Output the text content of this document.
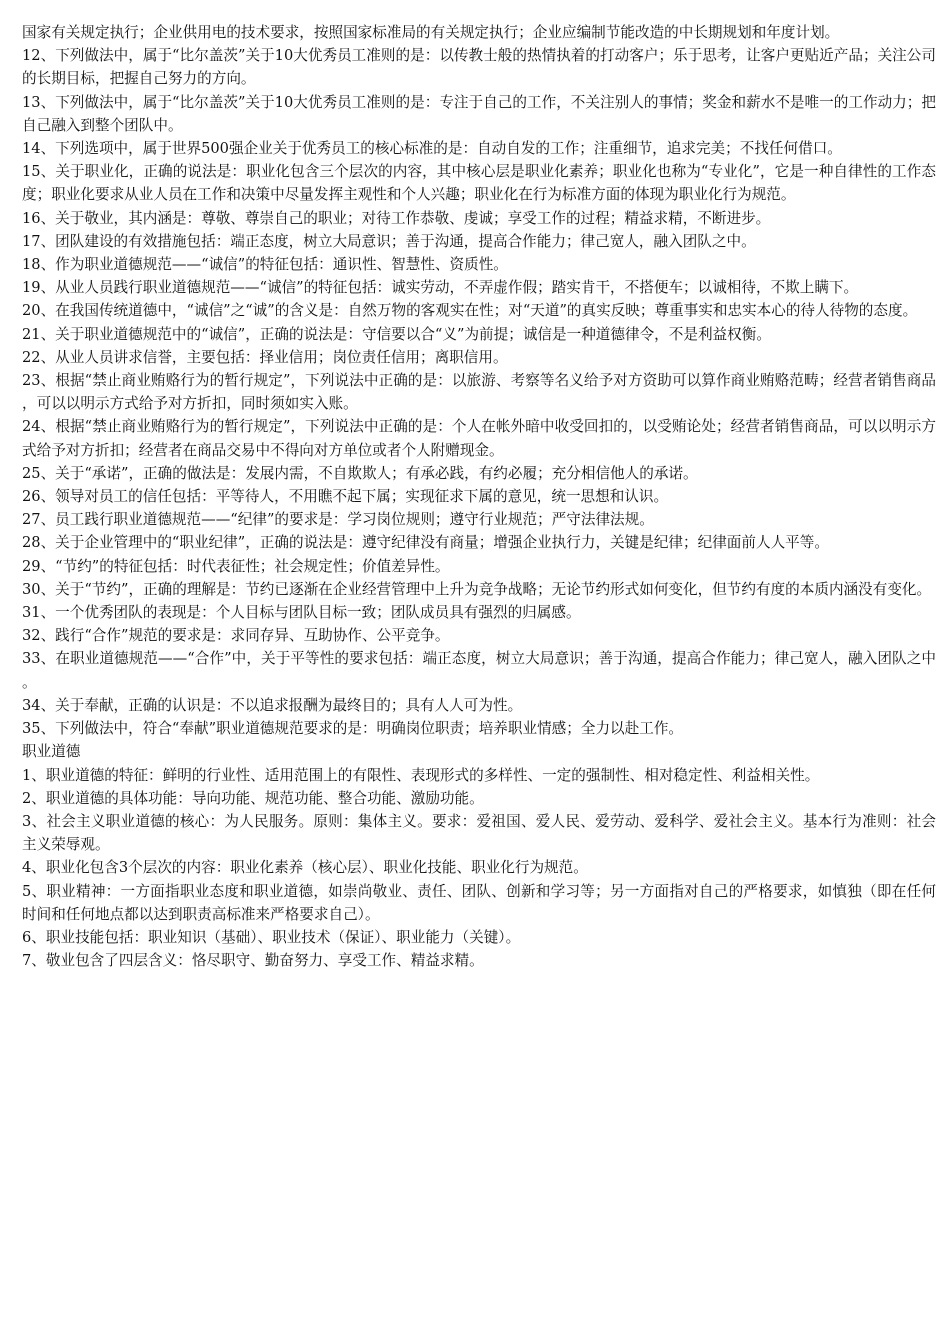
国家有关规定执行；企业供用电的技术要求，按照国家标准局的有关规定执行；企业应编制节能改造的中长期规划和年度计划。
12、下列做法中，属于“比尔盖茨”关于10大优秀员工准则的是：以传教士般的热情执着的打动客户；乐于思考，让客户更贴近产品；关注公司的长期目标，把握自己努力的方向。
13、下列做法中，属于“比尔盖茨”关于10大优秀员工准则的是：专注于自己的工作，不关注别人的事情；奖金和薪水不是唯一的工作动力；把自己融入到整个团队中。
14、下列选项中，属于世界500强企业关于优秀员工的核心标准的是：自动自发的工作；注重细节，追求完美；不找任何借口。
15、关于职业化，正确的说法是：职业化包含三个层次的内容，其中核心层是职业化素养；职业化也称为“专业化”，它是一种自律性的工作态度；职业化要求从业人员在工作和决策中尽量发挥主观性和个人兴趣；职业化在行为标准方面的体现为职业化行为规范。
16、关于敬业，其内涵是：尊敬、尊崇自己的职业；对待工作恭敬、虔诚；享受工作的过程；精益求精，不断进步。
17、团队建设的有效措施包括：端正态度，树立大局意识；善于沟通，提高合作能力；律己宽人，融入团队之中。
18、作为职业道德规范——“诚信”的特征包括：通识性、智慧性、资质性。
19、从业人员践行职业道德规范——“诚信”的特征包括：诚实劳动，不弄虚作假；踏实肯干，不搭便车；以诚相待，不欺上瞒下。
20、在我国传统道德中，“诚信”之“诚”的含义是：自然万物的客观实在性；对“天道”的真实反映；尊重事实和忠实本心的待人待物的态度。
21、关于职业道德规范中的“诚信”，正确的说法是：守信要以合“义”为前提；诚信是一种道德律令，不是利益权衡。
22、从业人员讲求信誉，主要包括：择业信用；岗位责任信用；离职信用。
23、根据“禁止商业贿赂行为的暂行规定”，下列说法中正确的是：以旅游、考察等名义给予对方资助可以算作商业贿赂范畴；经营者销售商品，可以以明示方式给予对方折扣，同时须如实入账。
24、根据“禁止商业贿赂行为的暂行规定”，下列说法中正确的是：个人在帐外暗中收受回扣的，以受贿论处；经营者销售商品，可以以明示方式给予对方折扣；经营者在商品交易中不得向对方单位或者个人附赠现金。
25、关于“承诺”，正确的做法是：发展内需，不自欺欺人；有承必践，有约必履；充分相信他人的承诺。
26、领导对员工的信任包括：平等待人，不用瞧不起下属；实现征求下属的意见，统一思想和认识。
27、员工践行职业道德规范——“纪律”的要求是：学习岗位规则；遵守行业规范；严守法律法规。
28、关于企业管理中的“职业纪律”，正确的说法是：遵守纪律没有商量；增强企业执行力，关键是纪律；纪律面前人人平等。
29、“节约”的特征包括：时代表征性；社会规定性；价值差异性。
30、关于“节约”，正确的理解是：节约已逐渐在企业经营管理中上升为竞争战略；无论节约形式如何变化，但节约有度的本质内涵没有变化。
31、一个优秀团队的表现是：个人目标与团队目标一致；团队成员具有强烈的归属感。
32、践行“合作”规范的要求是：求同存异、互助协作、公平竞争。
33、在职业道德规范——“合作”中，关于平等性的要求包括：端正态度，树立大局意识；善于沟通，提高合作能力；律己宽人，融入团队之中。
34、关于奉献，正确的认识是：不以追求报酬为最终目的；具有人人可为性。
35、下列做法中，符合“奉献”职业道德规范要求的是：明确岗位职责；培养职业情感；全力以赴工作。
职业道德
1、职业道德的特征：鲜明的行业性、适用范围上的有限性、表现形式的多样性、一定的强制性、相对稳定性、利益相关性。
2、职业道德的具体功能：导向功能、规范功能、整合功能、激励功能。
3、社会主义职业道德的核心：为人民服务。原则：集体主义。要求：爱祖国、爱人民、爱劳动、爱科学、爱社会主义。基本行为准则：社会主义荣辱观。
4、职业化包含3个层次的内容：职业化素养（核心层）、职业化技能、职业化行为规范。
5、职业精神：一方面指职业态度和职业道德，如崇尚敬业、责任、团队、创新和学习等；另一方面指对自己的严格要求，如慎独（即在任何时间和任何地点都以达到职责高标准来严格要求自己）。
6、职业技能包括：职业知识（基础）、职业技术（保证）、职业能力（关键）。
7、敬业包含了四层含义：恪尽职守、勤奋努力、享受工作、精益求精。
